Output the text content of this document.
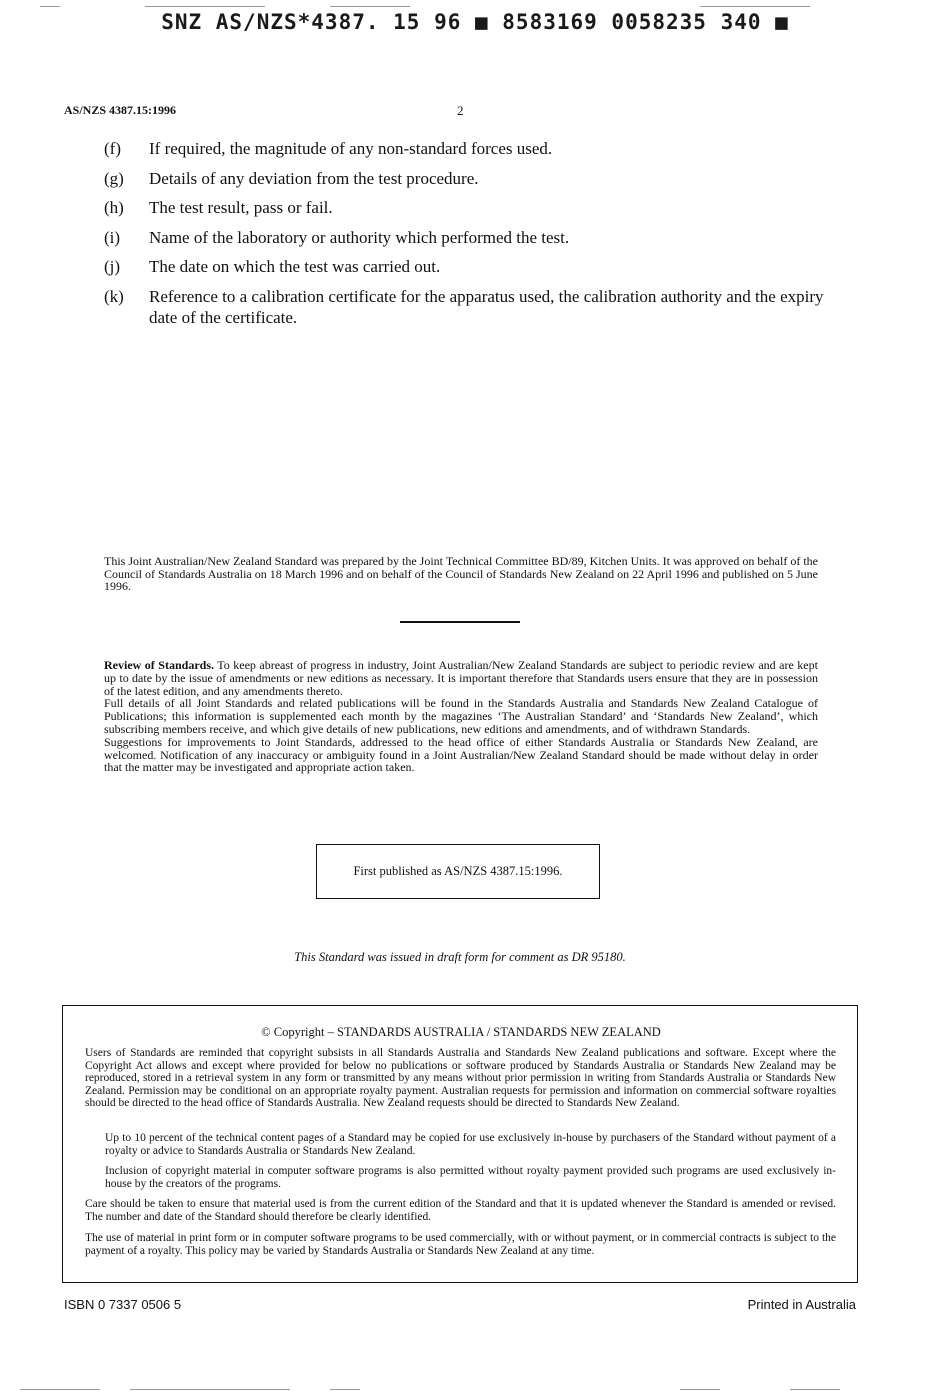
SNZ AS/NZS*4387. 15 96 ■ 8583169 0058235 340 ■
AS/NZS 4387.15:1996	2
(f) If required, the magnitude of any non-standard forces used.
(g) Details of any deviation from the test procedure.
(h) The test result, pass or fail.
(i) Name of the laboratory or authority which performed the test.
(j) The date on which the test was carried out.
(k) Reference to a calibration certificate for the apparatus used, the calibration authority and the expiry date of the certificate.
This Joint Australian/New Zealand Standard was prepared by the Joint Technical Committee BD/89, Kitchen Units. It was approved on behalf of the Council of Standards Australia on 18 March 1996 and on behalf of the Council of Standards New Zealand on 22 April 1996 and published on 5 June 1996.

Review of Standards. To keep abreast of progress in industry, Joint Australian/New Zealand Standards are subject to periodic review and are kept up to date by the issue of amendments or new editions as necessary. It is important therefore that Standards users ensure that they are in possession of the latest edition, and any amendments thereto.

Full details of all Joint Standards and related publications will be found in the Standards Australia and Standards New Zealand Catalogue of Publications; this information is supplemented each month by the magazines ‘The Australian Standard’ and ‘Standards New Zealand’, which subscribing members receive, and which give details of new publications, new editions and amendments, and of withdrawn Standards.

Suggestions for improvements to Joint Standards, addressed to the head office of either Standards Australia or Standards New Zealand, are welcomed. Notification of any inaccuracy or ambiguity found in a Joint Australian/New Zealand Standard should be made without delay in order that the matter may be investigated and appropriate action taken.

First published as AS/NZS 4387.15:1996.
This Standard was issued in draft form for comment as DR 95180.
© Copyright – STANDARDS AUSTRALIA / STANDARDS NEW ZEALAND
Users of Standards are reminded that copyright subsists in all Standards Australia and Standards New Zealand publications and software. Except where the Copyright Act allows and except where provided for below no publications or software produced by Standards Australia or Standards New Zealand may be reproduced, stored in a retrieval system in any form or transmitted by any means without prior permission in writing from Standards Australia or Standards New Zealand. Permission may be conditional on an appropriate royalty payment. Australian requests for permission and information on commercial software royalties should be directed to the head office of Standards Australia. New Zealand requests should be directed to Standards New Zealand.
Up to 10 percent of the technical content pages of a Standard may be copied for use exclusively in-house by purchasers of the Standard without payment of a royalty or advice to Standards Australia or Standards New Zealand.
Inclusion of copyright material in computer software programs is also permitted without royalty payment provided such programs are used exclusively in-house by the creators of the programs.
Care should be taken to ensure that material used is from the current edition of the Standard and that it is updated whenever the Standard is amended or revised. The number and date of the Standard should therefore be clearly identified.
The use of material in print form or in computer software programs to be used commercially, with or without payment, or in commercial contracts is subject to the payment of a royalty. This policy may be varied by Standards Australia or Standards New Zealand at any time.
ISBN 0 7337 0506 5	Printed in Australia
